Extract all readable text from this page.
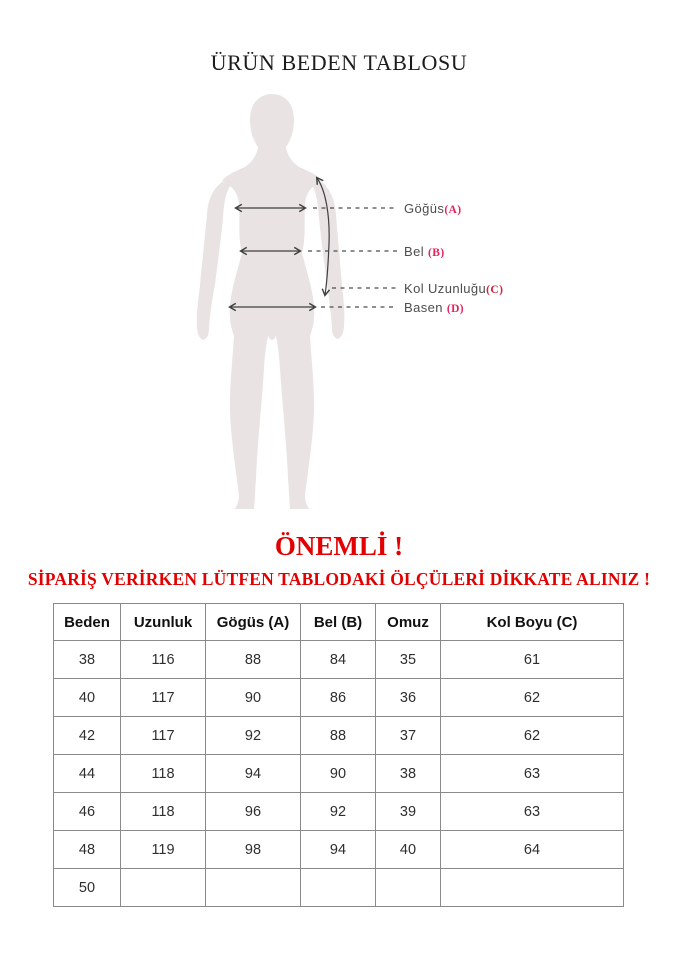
ÜRÜN BEDEN TABLOSU
Göğüs(A)
Bel (B)
Kol Uzunluğu(C)
Basen (D)
ÖNEMLİ !
SİPARİŞ VERİRKEN LÜTFEN TABLODAKİ ÖLÇÜLERİ DİKKATE ALINIZ !
Beden	Uzunluk	Gögüs (A)	Bel (B)	Omuz	Kol Boyu (C)
38	116	88	84	35	61
40	117	90	86	36	62
42	117	92	88	37	62
44	118	94	90	38	63
46	118	96	92	39	63
48	119	98	94	40	64
50					
